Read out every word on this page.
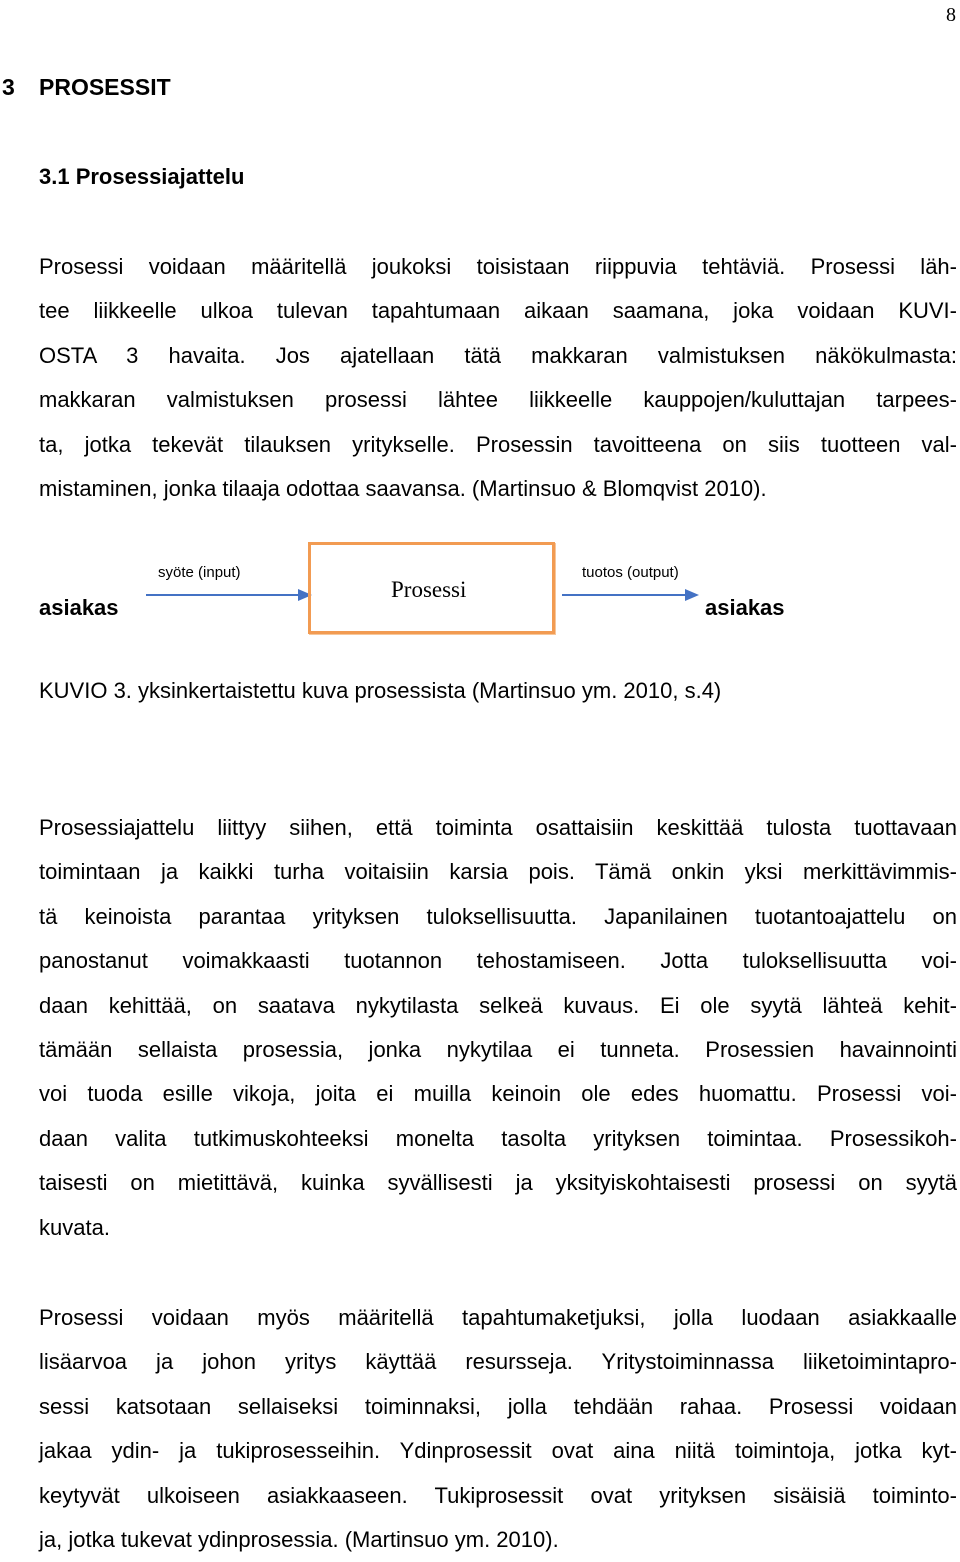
8
3 PROSESSIT
3.1 Prosessiajattelu

Prosessi voidaan määritellä joukoksi toisistaan riippuvia tehtäviä. Prosessi läh-
tee liikkeelle ulkoa tulevan tapahtumaan aikaan saamana, joka voidaan KUVI-
OSTA 3 havaita. Jos ajatellaan tätä makkaran valmistuksen näkökulmasta:
makkaran valmistuksen prosessi lähtee liikkeelle kauppojen/kuluttajan tarpees-
ta, jotka tekevät tilauksen yritykselle. Prosessin tavoitteena on siis tuotteen val-
mistaminen, jonka tilaaja odottaa saavansa. (Martinsuo & Blomqvist 2010).

asiakas
syöte (input)
Prosessi
tuotos (output)
asiakas

KUVIO 3. yksinkertaistettu kuva prosessista (Martinsuo ym. 2010, s.4)

Prosessiajattelu liittyy siihen, että toiminta osattaisiin keskittää tulosta tuottavaan
toimintaan ja kaikki turha voitaisiin karsia pois. Tämä onkin yksi merkittävimmis-
tä keinoista parantaa yrityksen tuloksellisuutta. Japanilainen tuotantoajattelu on
panostanut voimakkaasti tuotannon tehostamiseen. Jotta tuloksellisuutta voi-
daan kehittää, on saatava nykytilasta selkeä kuvaus. Ei ole syytä lähteä kehit-
tämään sellaista prosessia, jonka nykytilaa ei tunneta. Prosessien havainnointi
voi tuoda esille vikoja, joita ei muilla keinoin ole edes huomattu. Prosessi voi-
daan valita tutkimuskohteeksi monelta tasolta yrityksen toimintaa. Prosessikoh-
taisesti on mietittävä, kuinka syvällisesti ja yksityiskohtaisesti prosessi on syytä
kuvata.

Prosessi voidaan myös määritellä tapahtumaketjuksi, jolla luodaan asiakkaalle
lisäarvoa ja johon yritys käyttää resursseja. Yritystoiminnassa liiketoimintapro-
sessi katsotaan sellaiseksi toiminnaksi, jolla tehdään rahaa. Prosessi voidaan
jakaa ydin- ja tukiprosesseihin. Ydinprosessit ovat aina niitä toimintoja, jotka kyt-
keytyvät ulkoiseen asiakkaaseen. Tukiprosessit ovat yrityksen sisäisiä toiminto-
ja, jotka tukevat ydinprosessia. (Martinsuo ym. 2010).
